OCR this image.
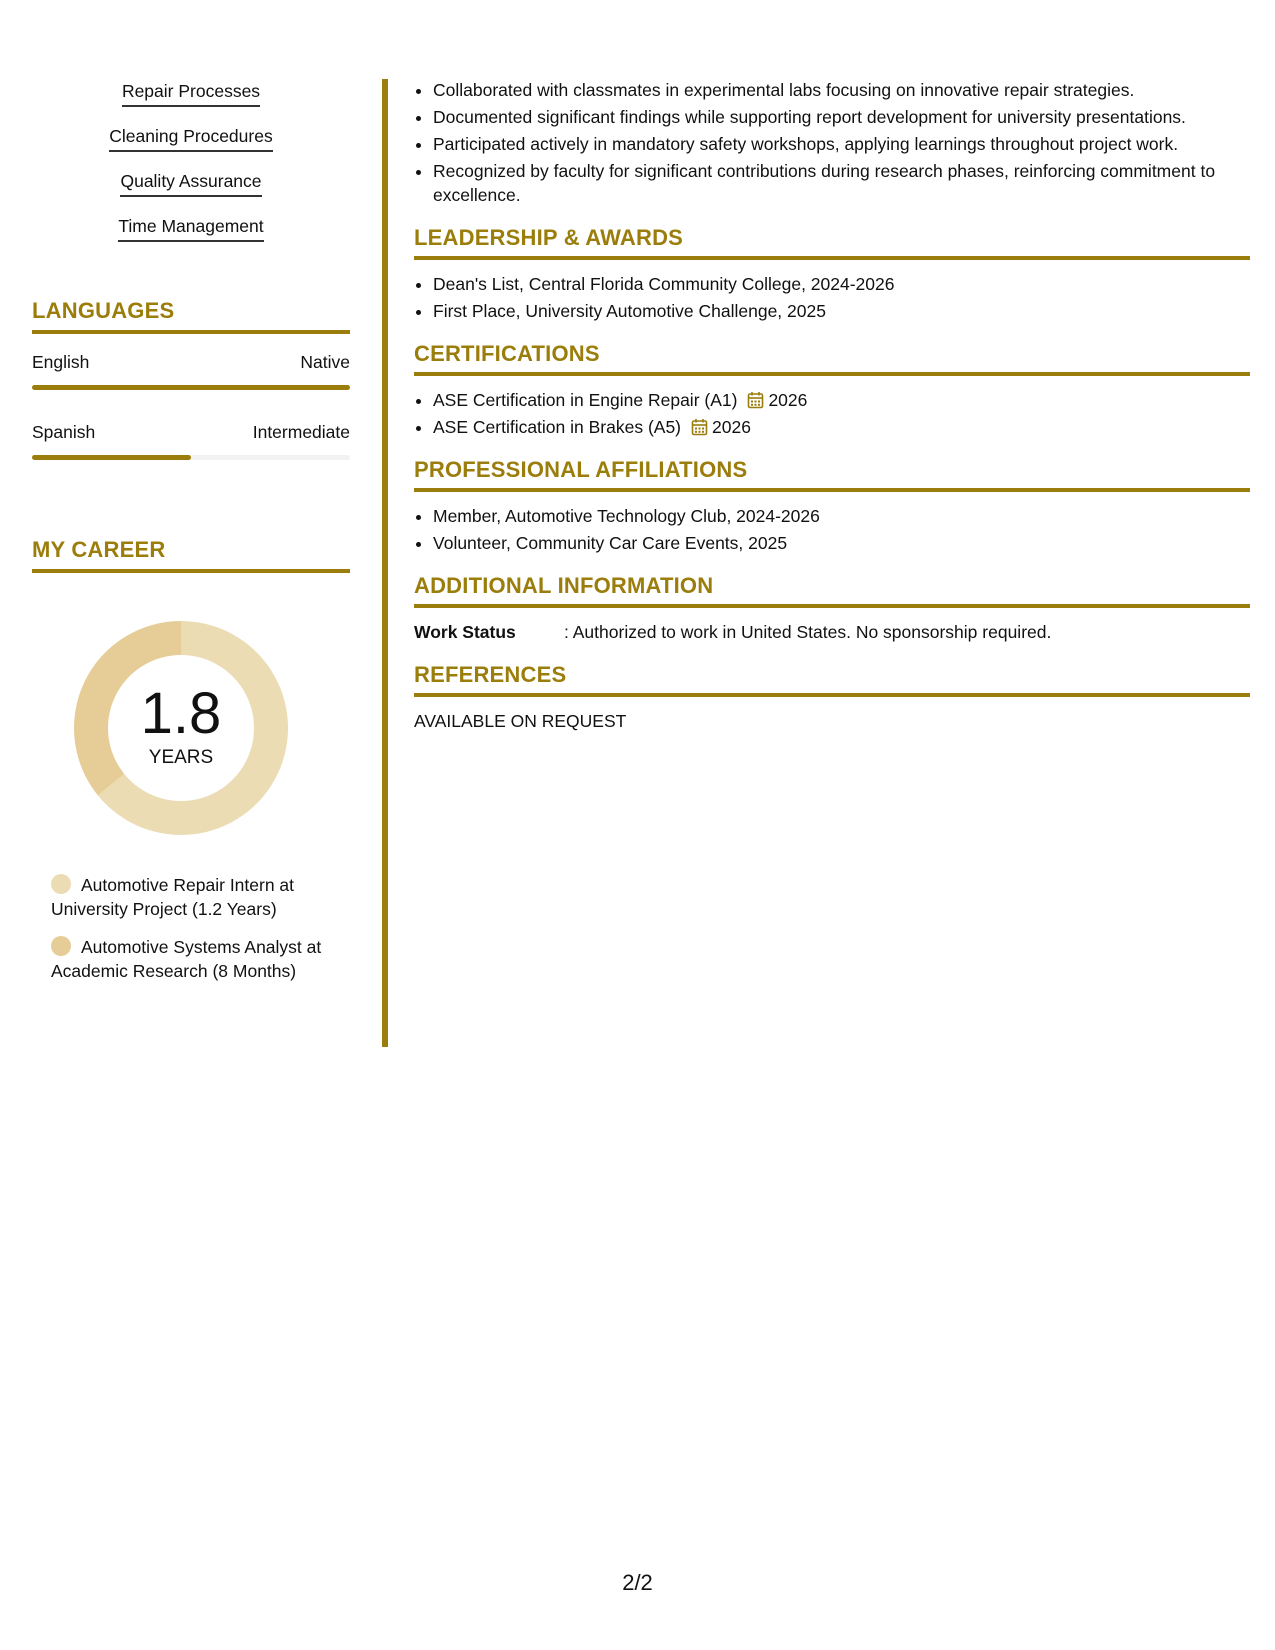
Repair Processes
Cleaning Procedures
Quality Assurance
Time Management
LANGUAGES
English	Native
Spanish	Intermediate
MY CAREER
1.8
YEARS
Automotive Repair Intern at University Project (1.2 Years)
Automotive Systems Analyst at Academic Research (8 Months)
• Collaborated with classmates in experimental labs focusing on innovative repair strategies.
• Documented significant findings while supporting report development for university presentations.
• Participated actively in mandatory safety workshops, applying learnings throughout project work.
• Recognized by faculty for significant contributions during research phases, reinforcing commitment to excellence.
LEADERSHIP & AWARDS
• Dean's List, Central Florida Community College, 2024-2026
• First Place, University Automotive Challenge, 2025
CERTIFICATIONS
• ASE Certification in Engine Repair (A1) 2026
• ASE Certification in Brakes (A5) 2026
PROFESSIONAL AFFILIATIONS
• Member, Automotive Technology Club, 2024-2026
• Volunteer, Community Car Care Events, 2025
ADDITIONAL INFORMATION
Work Status	: Authorized to work in United States. No sponsorship required.
REFERENCES
AVAILABLE ON REQUEST
2/2
